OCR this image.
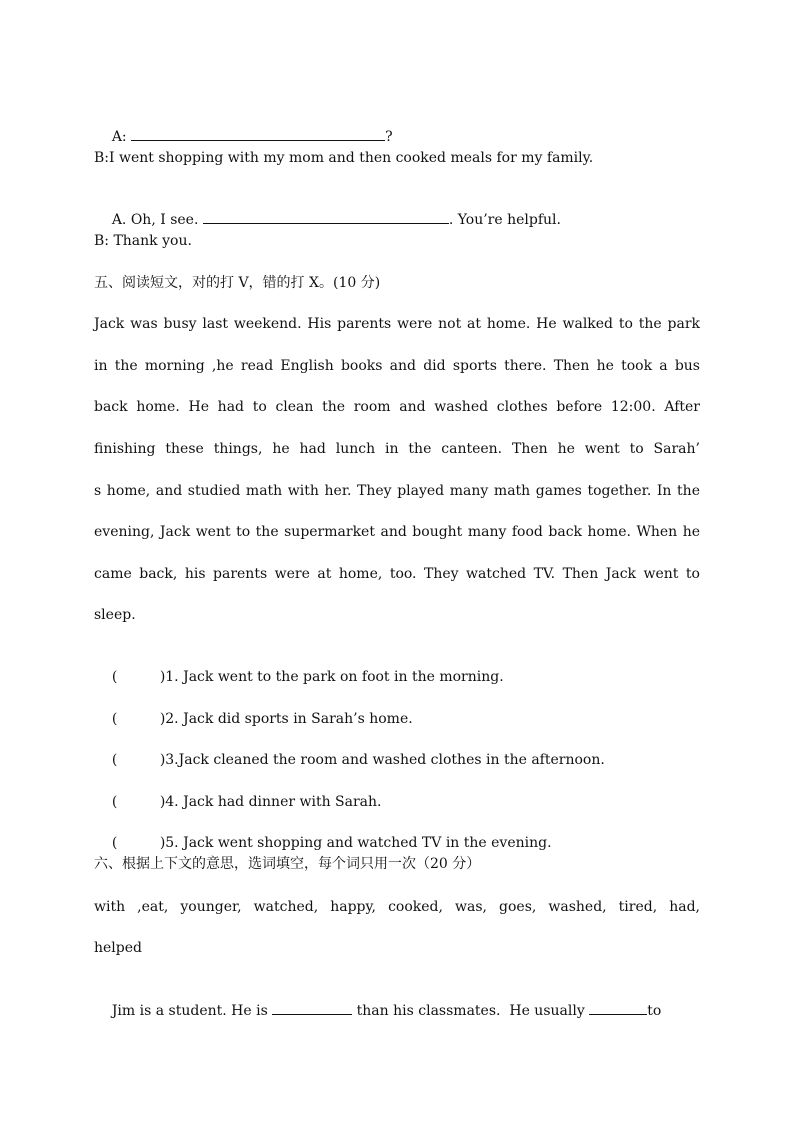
A:	?

B:I went shopping with my mom and then cooked meals for my family.

A. Oh, I see.	. You’re helpful.

B: Thank you.
五、阅读短文，对的打 V，错的打 X。(10 分)
Jack was busy last weekend. His parents were not at home. He walked to the park
in the morning ,he read English books and did sports there. Then he took a bus
back home. He had to clean the room and washed clothes before 12:00. After
finishing these things, he had lunch in the canteen. Then he went to Sarah’
s home, and studied math with her. They played many math games together. In the
evening, Jack went to the supermarket and bought many food back home. When he
came back, his parents were at home, too. They watched TV. Then Jack went to
sleep.

(	)1. Jack went to the park on foot in the morning.

(	)2. Jack did sports in Sarah’s home.

(	)3.Jack cleaned the room and washed clothes in the afternoon.

(	)4. Jack had dinner with Sarah.

(	)5. Jack went shopping and watched TV in the evening.

六、根据上下文的意思，选词填空，每个词只用一次（20 分）
with ,eat, younger, watched, happy, cooked, was, goes, washed, tired, had,
helped

Jim is a student. He is	than his classmates.  He usually	to
